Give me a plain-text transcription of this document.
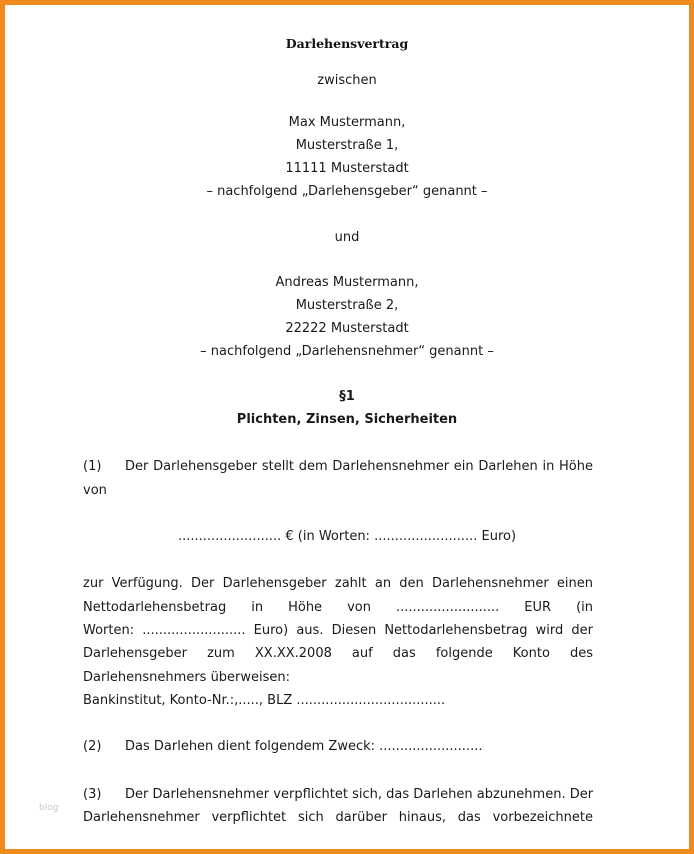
Darlehensvertrag
zwischen
Max Mustermann,
Musterstraße 1,
11111 Musterstadt
– nachfolgend „Darlehensgeber“ genannt –
und
Andreas Mustermann,
Musterstraße 2,
22222 Musterstadt
– nachfolgend „Darlehensnehmer“ genannt –
§1
Plichten, Zinsen, Sicherheiten
(1) Der Darlehensgeber stellt dem Darlehensnehmer ein Darlehen in Höhe
von
......................... € (in Worten: ......................... Euro)
zur Verfügung. Der Darlehensgeber zahlt an den Darlehensnehmer einen
Nettodarlehensbetrag in Höhe von ......................... EUR (in
Worten: ......................... Euro) aus. Diesen Nettodarlehensbetrag wird der
Darlehensgeber zum XX.XX.2008 auf das folgende Konto des
Darlehensnehmers überweisen:
Bankinstitut, Konto-Nr.:,....., BLZ ....................................
(2) Das Darlehen dient folgendem Zweck: .........................
(3) Der Darlehensnehmer verpflichtet sich, das Darlehen abzunehmen. Der
Darlehensnehmer verpflichtet sich darüber hinaus, das vorbezeichnete
blog
